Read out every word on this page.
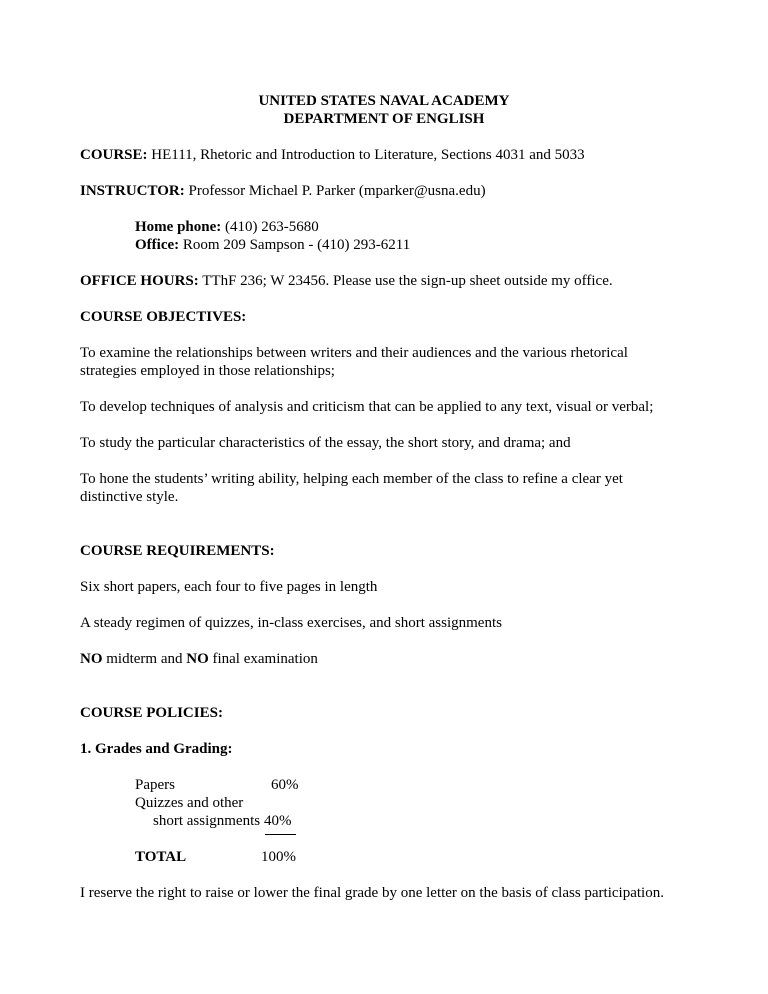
UNITED STATES NAVAL ACADEMY
DEPARTMENT OF ENGLISH
COURSE: HE111, Rhetoric and Introduction to Literature, Sections 4031 and 5033
INSTRUCTOR: Professor Michael P. Parker (mparker@usna.edu)
Home phone: (410) 263-5680
Office: Room 209 Sampson - (410) 293-6211
OFFICE HOURS: TThF 236; W 23456. Please use the sign-up sheet outside my office.
COURSE OBJECTIVES:
To examine the relationships between writers and their audiences and the various rhetorical
strategies employed in those relationships;
To develop techniques of analysis and criticism that can be applied to any text, visual or verbal;
To study the particular characteristics of the essay, the short story, and drama; and
To hone the students’ writing ability, helping each member of the class to refine a clear yet
distinctive style.
COURSE REQUIREMENTS:
Six short papers, each four to five pages in length
A steady regimen of quizzes, in-class exercises, and short assignments
NO midterm and NO final examination
COURSE POLICIES:
1. Grades and Grading:
Papers	60%
Quizzes and other
short assignments 40%
TOTAL	100%
I reserve the right to raise or lower the final grade by one letter on the basis of class participation.
